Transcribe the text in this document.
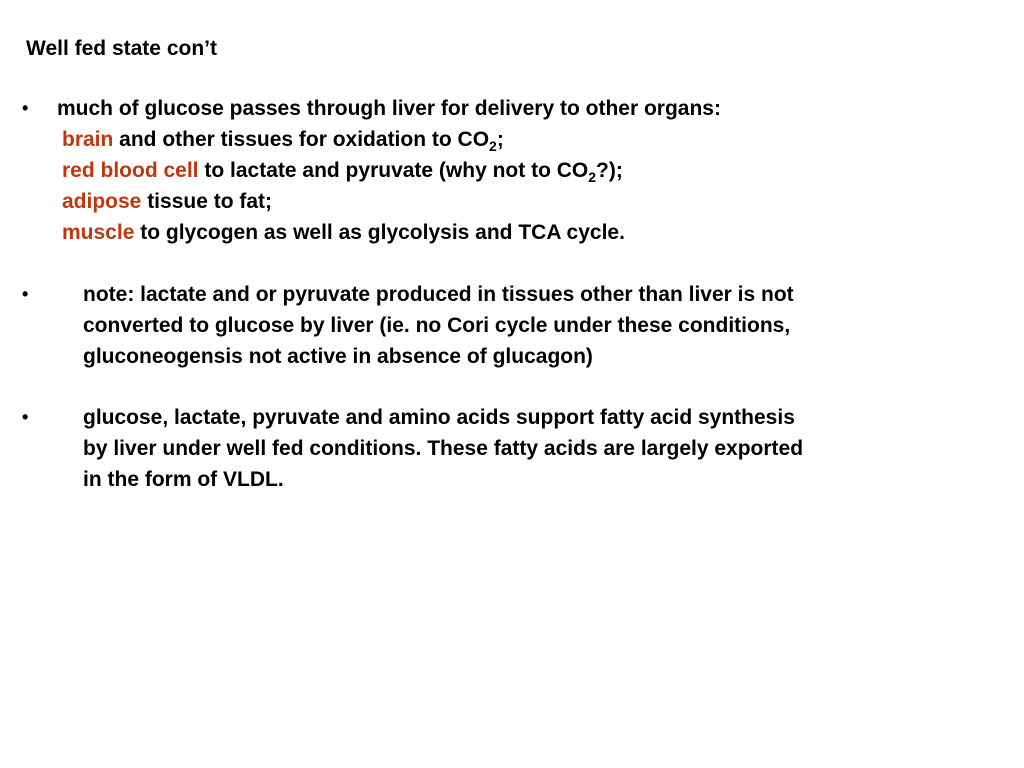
Well fed state con’t
• much of glucose passes through liver for delivery to other organs:
brain and other tissues for oxidation to $CO_2$;
red blood cell to lactate and pyruvate (why not to $CO_2$?);
adipose tissue to fat;
muscle to glycogen as well as glycolysis and TCA cycle.
•	note: lactate and or pyruvate produced in tissues other than liver is not
converted to glucose by liver (ie. no Cori cycle under these conditions,
gluconeogensis not active in absence of glucagon)
•	glucose, lactate, pyruvate and amino acids support fatty acid synthesis
by liver under well fed conditions. These fatty acids are largely exported
in the form of VLDL.
